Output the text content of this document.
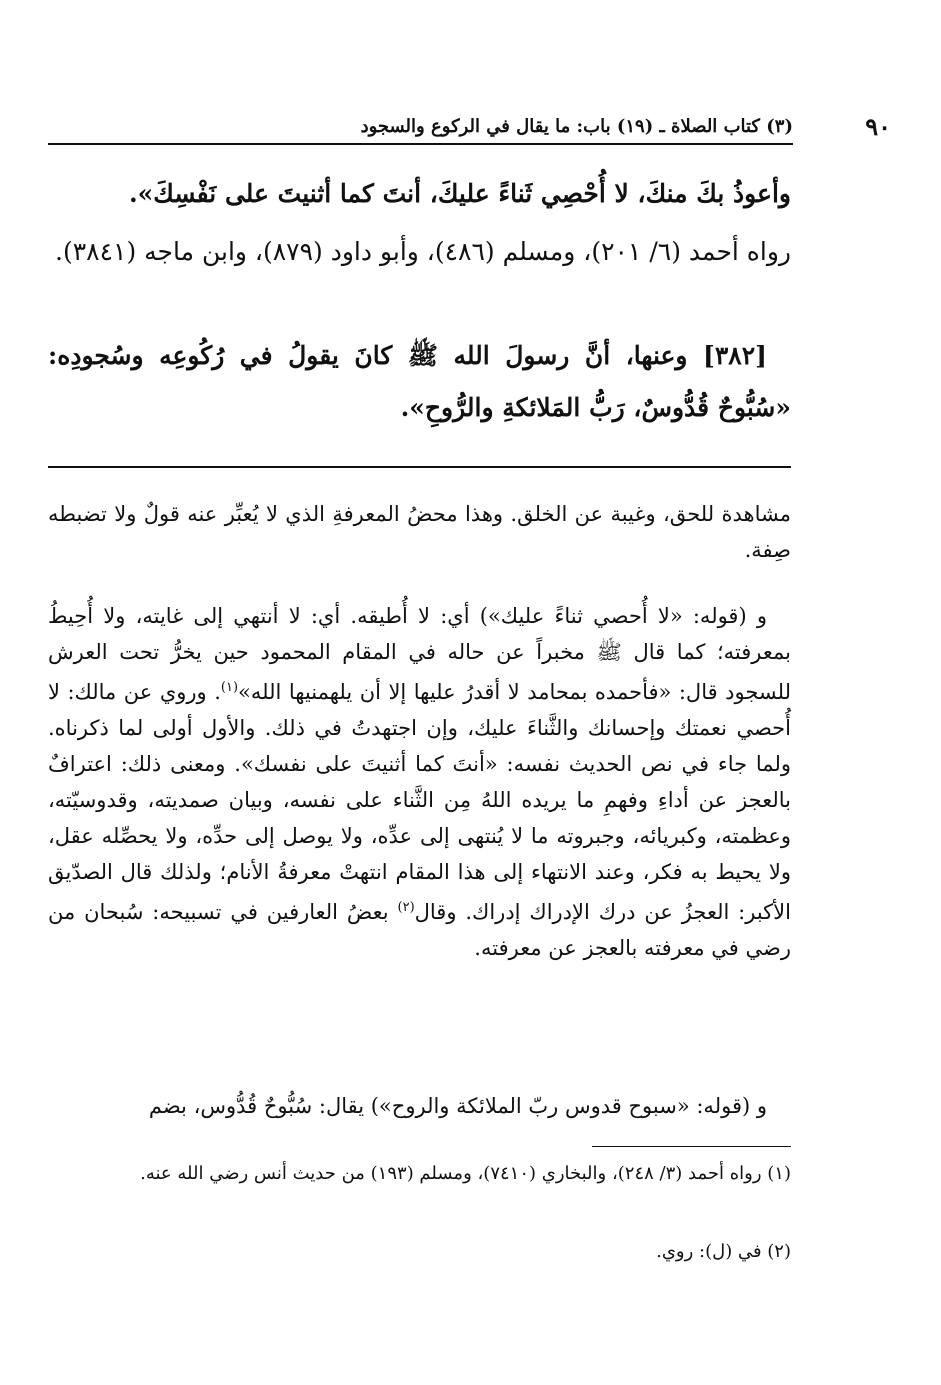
٩٠
(٣) كتاب الصلاة ـ (١٩) باب: ما يقال في الركوع والسجود

وأعوذُ بكَ منكَ، لا أُحْصِي ثَناءً عليكَ، أنتَ كما أثنيتَ على نَفْسِكَ».

رواه أحمد (٦/ ٢٠١)، ومسلم (٤٨٦)، وأبو داود (٨٧٩)، وابن ماجه (٣٨٤١).

[٣٨٢] وعنها، أنَّ رسولَ الله ﷺ كانَ يقولُ في رُكُوعِه وسُجودِه: «سُبُّوحٌ قُدُّوسٌ، رَبُّ المَلائكةِ والرُّوحِ».

مشاهدة للحق، وغيبة عن الخلق. وهذا محضُ المعرفةِ الذي لا يُعبِّر عنه قولٌ ولا تضبطه صِفة.

و (قوله: «لا أُحصي ثناءً عليك») أي: لا أُطيقه. أي: لا أنتهي إلى غايته، ولا أُحِيطُ بمعرفته؛ كما قال ﷺ مخبراً عن حاله في المقام المحمود حين يخرُّ تحت العرش للسجود قال: «فأحمده بمحامد لا أقدرُ عليها إلا أن يلهمنيها الله»$^{(١)}$. وروي عن مالك: لا أُحصي نعمتك وإحسانك والثَّناءَ عليك، وإن اجتهدتُ في ذلك. والأول أولى لما ذكرناه. ولما جاء في نص الحديث نفسه: «أنتَ كما أثنيتَ على نفسك». ومعنى ذلك: اعترافٌ بالعجز عن أداءِ وفهمِ ما يريده اللهُ مِن الثَّناء على نفسه، وبيان صمديته، وقدوسيّته، وعظمته، وكبريائه، وجبروته ما لا يُنتهى إلى عدِّه، ولا يوصل إلى حدِّه، ولا يحصِّله عقل، ولا يحيط به فكر، وعند الانتهاء إلى هذا المقام انتهتْ معرفةُ الأنام؛ ولذلك قال الصدّيق الأكبر: العجزُ عن درك الإدراك إدراك. وقال$^{(٢)}$ بعضُ العارفين في تسبيحه: سُبحان من رضي في معرفته بالعجز عن معرفته.

و (قوله: «سبوح قدوس ربّ الملائكة والروح») يقال: سُبُّوحٌ قُدُّوس، بضم

(١) رواه أحمد (٣/ ٢٤٨)، والبخاري (٧٤١٠)، ومسلم (١٩٣) من حديث أنس رضي الله عنه.

(٢) في (ل): روي.
